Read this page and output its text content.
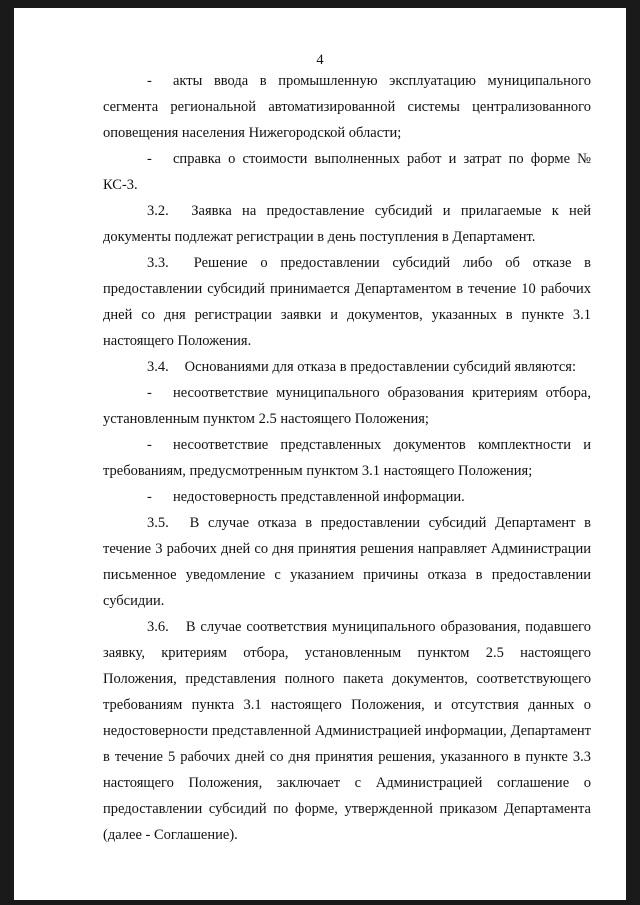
4

- акты ввода в промышленную эксплуатацию муниципального сегмента региональной автоматизированной системы централизованного оповещения населения Нижегородской области;

- справка о стоимости выполненных работ и затрат по форме № КС-3.

3.2. Заявка на предоставление субсидий и прилагаемые к ней документы подлежат регистрации в день поступления в Департамент.

3.3. Решение о предоставлении субсидий либо об отказе в предоставлении субсидий принимается Департаментом в течение 10 рабочих дней со дня регистрации заявки и документов, указанных в пункте 3.1 настоящего Положения.

3.4. Основаниями для отказа в предоставлении субсидий являются:

- несоответствие муниципального образования критериям отбора, установленным пунктом 2.5 настоящего Положения;

- несоответствие представленных документов комплектности и требованиям, предусмотренным пунктом 3.1 настоящего Положения;

- недостоверность представленной информации.

3.5. В случае отказа в предоставлении субсидий Департамент в течение 3 рабочих дней со дня принятия решения направляет Администрации письменное уведомление с указанием причины отказа в предоставлении субсидии.

3.6. В случае соответствия муниципального образования, подавшего заявку, критериям отбора, установленным пунктом 2.5 настоящего Положения, представления полного пакета документов, соответствующего требованиям пункта 3.1 настоящего Положения, и отсутствия данных о недостоверности представленной Администрацией информации, Департамент в течение 5 рабочих дней со дня принятия решения, указанного в пункте 3.3 настоящего Положения, заключает с Администрацией соглашение о предоставлении субсидий по форме, утвержденной приказом Департамента (далее - Соглашение).
